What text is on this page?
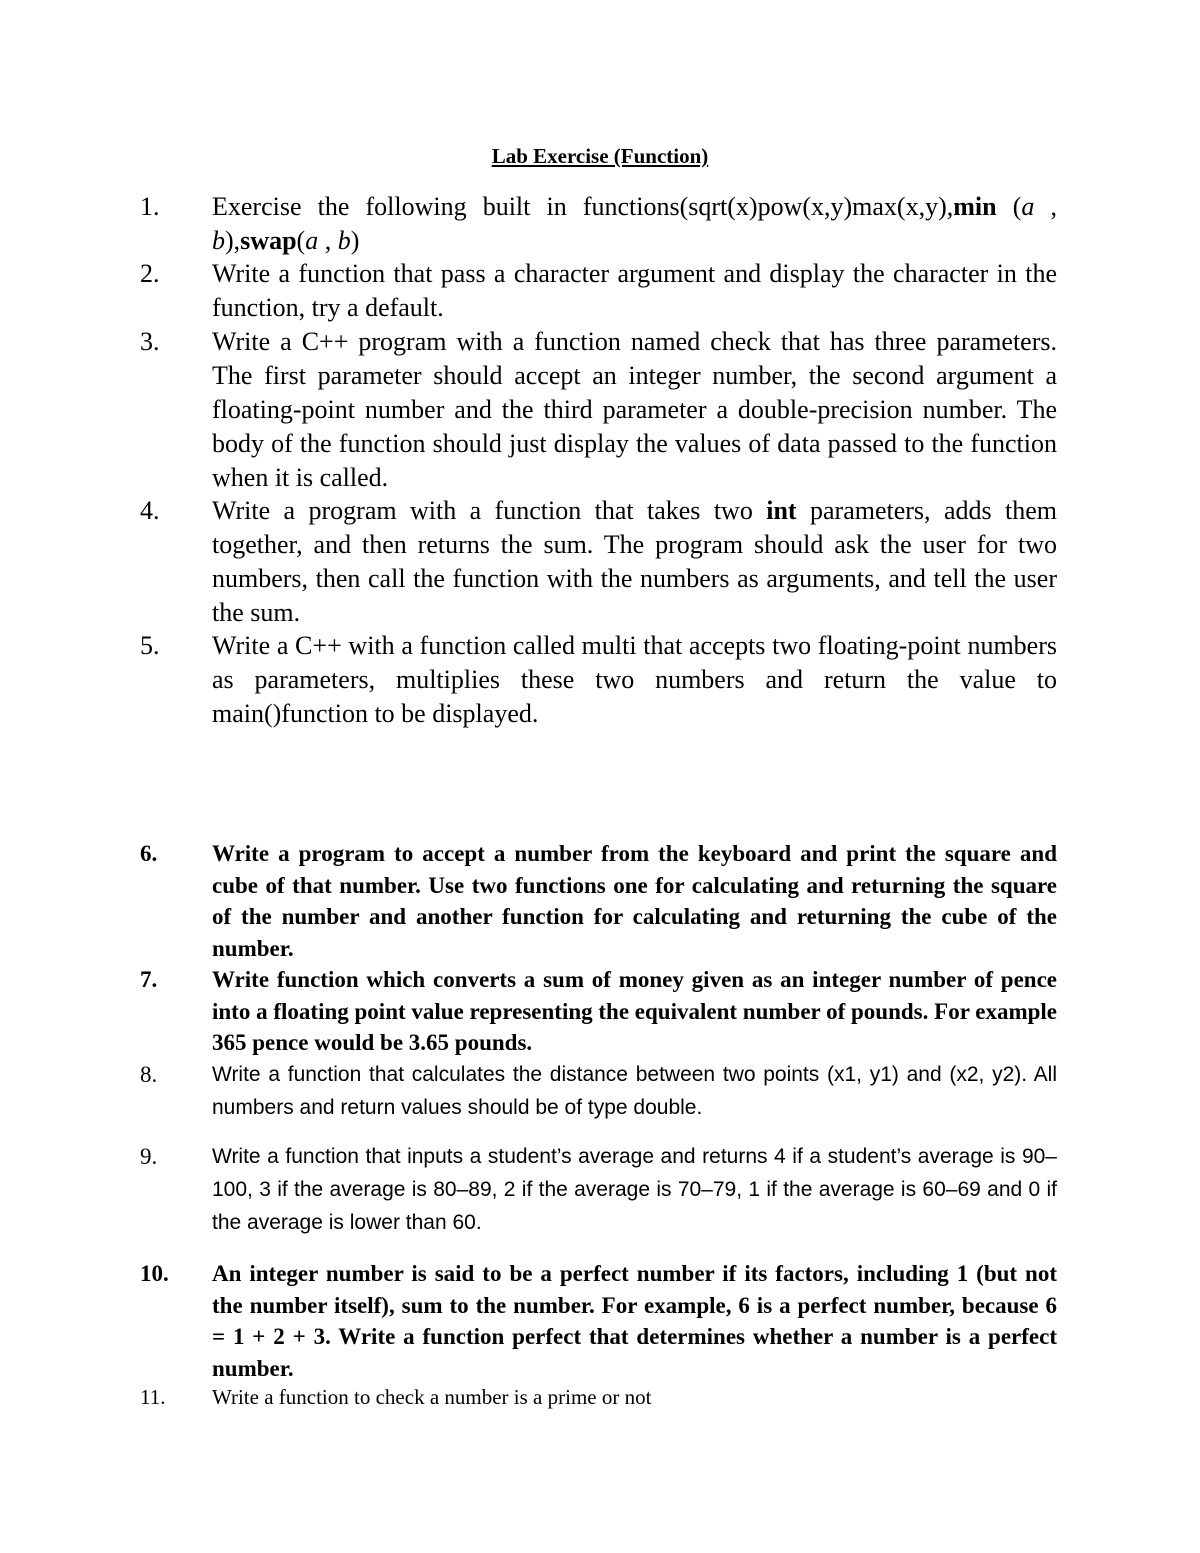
Lab Exercise (Function)
1.	Exercise the following built in functions(sqrt(x)pow(x,y)max(x,y),min (a , b),swap(a , b)
2.	Write a function that pass a character argument and display the character in the function, try a default.
3.	Write a C++ program with a function named check that has three parameters. The first parameter should accept an integer number, the second argument a floating-point number and the third parameter a double-precision number. The body of the function should just display the values of data passed to the function when it is called.
4.	Write a program with a function that takes two int parameters, adds them together, and then returns the sum. The program should ask the user for two numbers, then call the function with the numbers as arguments, and tell the user the sum.
5.	Write a C++ with a function called multi that accepts two floating-point numbers as parameters, multiplies these two numbers and return the value to main()function to be displayed.
6.	Write a program to accept a number from the keyboard and print the square and cube of that number. Use two functions one for calculating and returning the square of the number and another function for calculating and returning the cube of the number.
7.	Write function which converts a sum of money given as an integer number of pence into a floating point value representing the equivalent number of pounds. For example 365 pence would be 3.65 pounds.
8.	Write a function that calculates the distance between two points (x1, y1) and (x2, y2). All numbers and return values should be of type double.
9.	Write a function that inputs a student’s average and returns 4 if a student’s average is 90–100, 3 if the average is 80–89, 2 if the average is 70–79, 1 if the average is 60–69 and 0 if the average is lower than 60.
10.	An integer number is said to be a perfect number if its factors, including 1 (but not the number itself), sum to the number. For example, 6 is a perfect number, because 6 = 1 + 2 + 3. Write a function perfect that determines whether a number is a perfect number.
11.	Write a function to check a number is a prime or not
